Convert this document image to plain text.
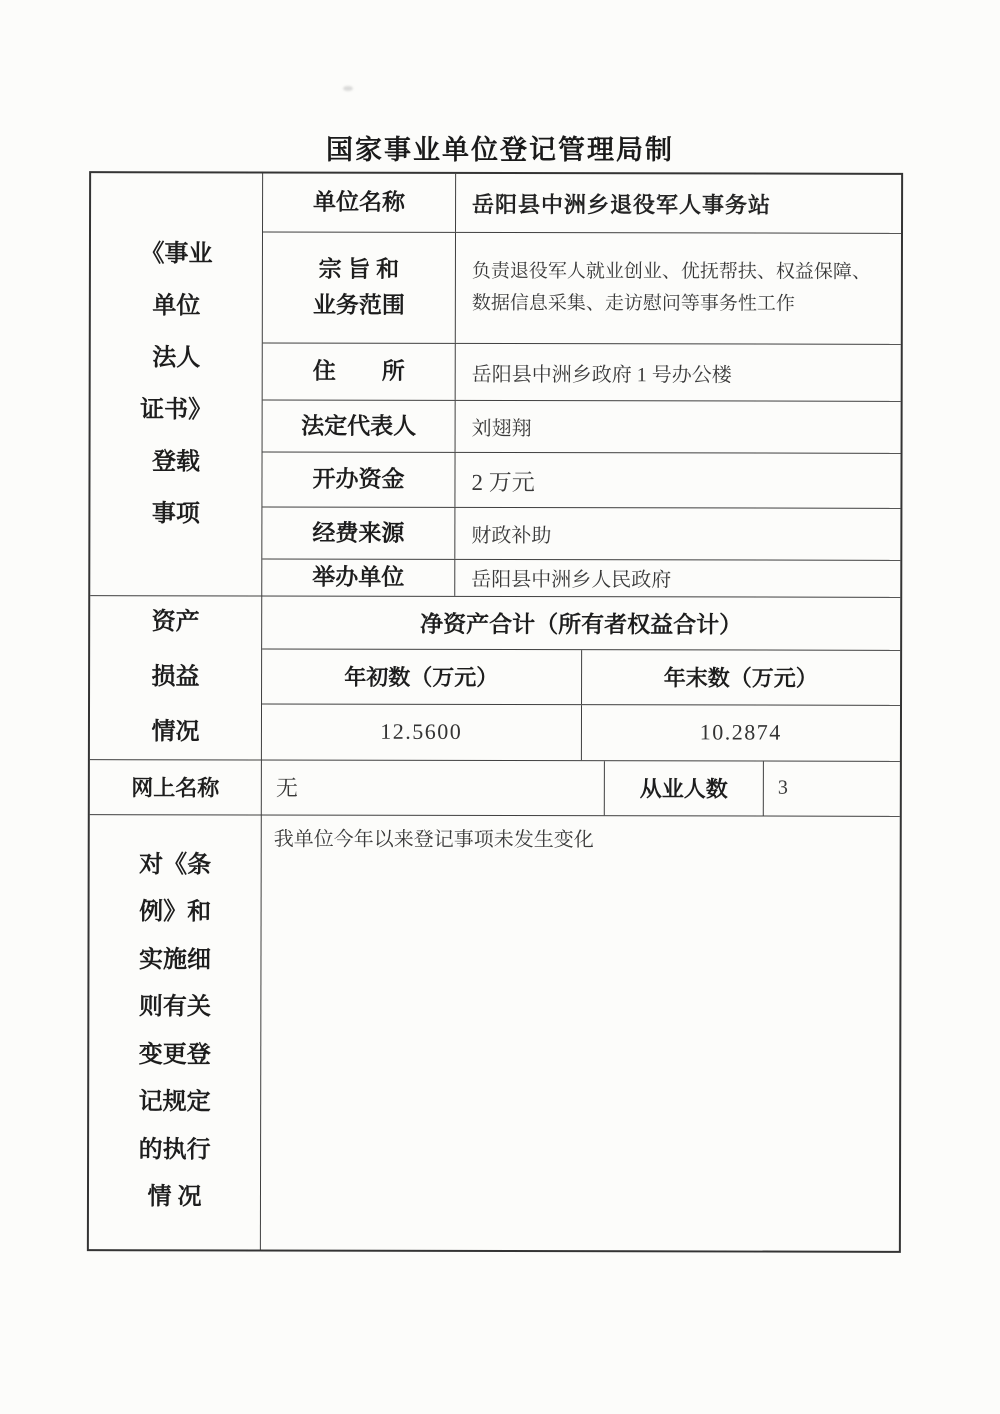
国家事业单位登记管理局制
《事业
单位
法人
证书》
登载
事项
单位名称	岳阳县中洲乡退役军人事务站
宗 旨 和
业务范围
负责退役军人就业创业、优抚帮扶、权益保障、数据信息采集、走访慰问等事务性工作
住　　所	岳阳县中洲乡政府 1 号办公楼
法定代表人	刘翅翔
开办资金	2 万元
经费来源	财政补助
举办单位	岳阳县中洲乡人民政府
资产
损益
情况
净资产合计（所有者权益合计）
年初数（万元）	年末数（万元）
12.5600	10.2874
网上名称	无	从业人数	3
对《条
例》和
实施细
则有关
变更登
记规定
的执行
情 况
我单位今年以来登记事项未发生变化
